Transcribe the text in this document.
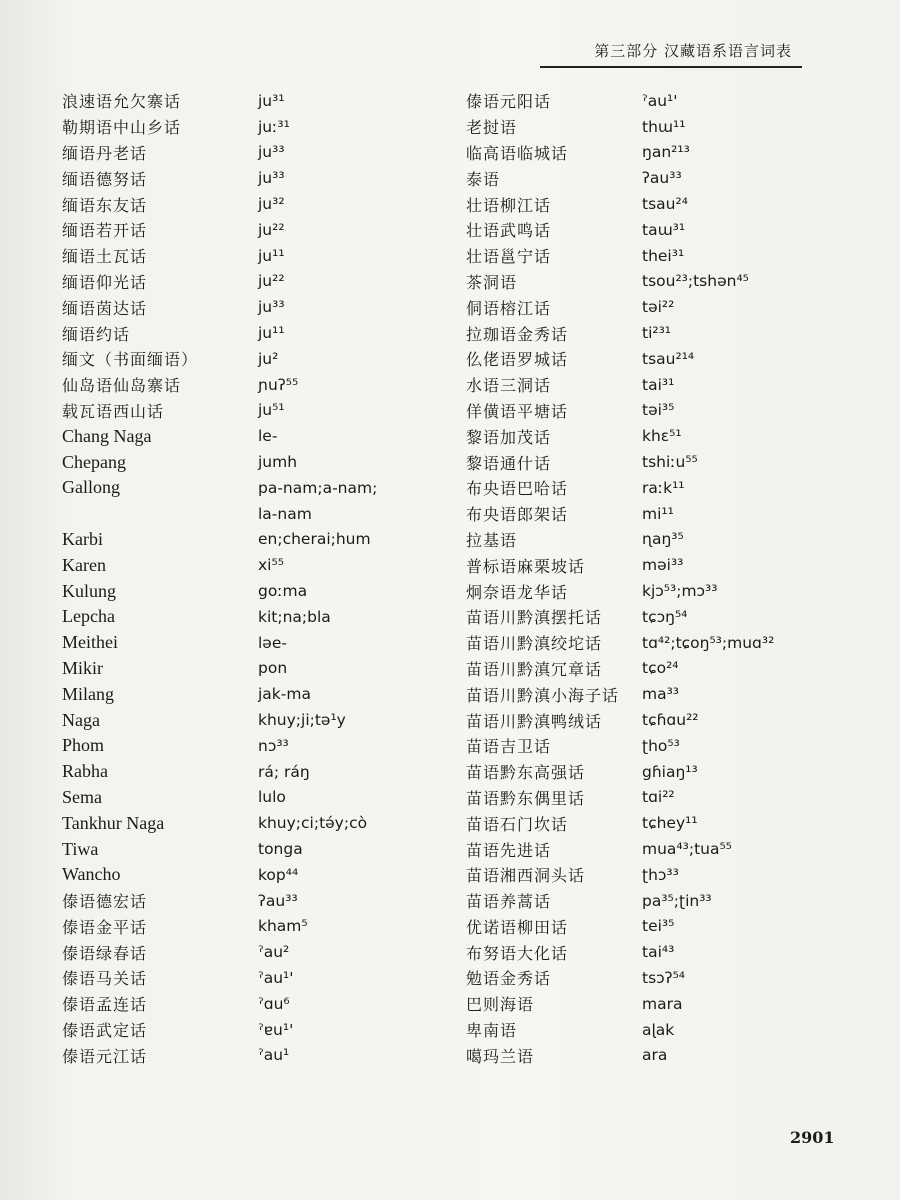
第三部分 汉藏语系语言词表
浪速语允欠寨话	ju³¹
勒期语中山乡话	juː³¹
缅语丹老话	ju³³
缅语德努话	ju³³
缅语东友话	ju³²
缅语若开话	ju²²
缅语土瓦话	ju¹¹
缅语仰光话	ju²²
缅语茵达话	ju³³
缅语约话	ju¹¹
缅文（书面缅语）	ju²
仙岛语仙岛寨话	ɲuʔ⁵⁵
载瓦语西山话	ju⁵¹
Chang Naga	le-
Chepang	jumh
Gallong	pa-nam;a-nam;
la-nam
Karbi	en;cherai;hum
Karen	xi⁵⁵
Kulung	goːma
Lepcha	kit;na;bla
Meithei	ləe-
Mikir	pon
Milang	jak-ma
Naga	khuy;ji;tə¹y
Phom	nɔ³³
Rabha	rá; ráŋ
Sema	lulo
Tankhur Naga	khuy;ci;tə́y;cò
Tiwa	tonga
Wancho	kop⁴⁴
傣语德宏话	ʔau³³
傣语金平话	kham⁵
傣语绿春话	ˀau²
傣语马关话	ˀau¹'
傣语孟连话	ˀɑu⁶
傣语武定话	ˀɐu¹'
傣语元江话	ˀau¹
傣语元阳话	ˀau¹'
老挝语	thɯ¹¹
临高语临城话	ŋan²¹³
泰语	ʔau³³
壮语柳江话	tsau²⁴
壮语武鸣话	taɯ³¹
壮语邕宁话	thei³¹
茶洞语	tsou²³;tshən⁴⁵
侗语榕江话	təi²²
拉珈语金秀话	ti²³¹
仫佬语罗城话	tsau²¹⁴
水语三洞话	tai³¹
佯僙语平塘话	təi³⁵
黎语加茂话	khɛ⁵¹
黎语通什话	tshiːu⁵⁵
布央语巴哈话	raːk¹¹
布央语郎架话	mi¹¹
拉基语	ɳaŋ³⁵
普标语麻栗坡话	məi³³
炯奈语龙华话	kjɔ⁵³;mɔ³³
苗语川黔滇摆托话	tɕɔŋ⁵⁴
苗语川黔滇绞坨话	tɑ⁴²;tɕoŋ⁵³;muɑ³²
苗语川黔滇冗章话	tɕo²⁴
苗语川黔滇小海子话	ma³³
苗语川黔滇鸭绒话	tɕɦɑu²²
苗语吉卫话	ʈho⁵³
苗语黔东高强话	gɦiaŋ¹³
苗语黔东偶里话	tɑi²²
苗语石门坎话	tɕhey¹¹
苗语先进话	mua⁴³;tua⁵⁵
苗语湘西洞头话	ʈhɔ³³
苗语养蒿话	pa³⁵;ʈin³³
优诺语柳田话	tei³⁵
布努语大化话	tai⁴³
勉语金秀话	tsɔʔ⁵⁴
巴则海语	mara
卑南语	aɭak
噶玛兰语	ara
2901
